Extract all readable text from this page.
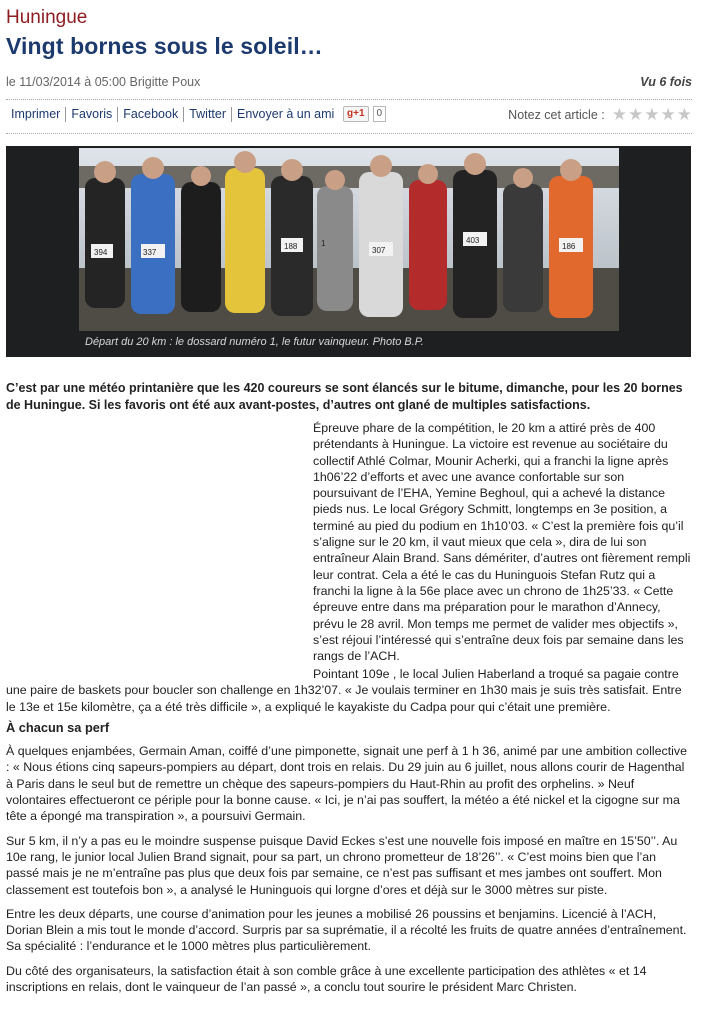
Huningue
Vingt bornes sous le soleil…
le 11/03/2014 à 05:00 Brigitte Poux	Vu 6 fois
Imprimer Favoris Facebook Twitter Envoyer à un ami	g+1	0	Notez cet article : ★ ★ ★ ★ ★
394	337	307
403
186
188	1
Départ du 20 km : le dossard numéro 1, le futur vainqueur. Photo B.P.

C’est par une météo printanière que les 420 coureurs se sont élancés sur le bitume, dimanche, pour les 20 bornes de Huningue. Si les favoris ont été aux avant-postes, d’autres ont glané de multiples satisfactions.

Épreuve phare de la compétition, le 20 km a attiré près de 400 prétendants à Huningue. La victoire est revenue au sociétaire du collectif Athlé Colmar, Mounir Acherki, qui a franchi la ligne après 1h06’22 d’efforts et avec une avance confortable sur son poursuivant de l’EHA, Yemine Beghoul, qui a achevé la distance pieds nus. Le local Grégory Schmitt, longtemps en 3e position, a terminé au pied du podium en 1h10’03. « C’est la première fois qu’il s’aligne sur le 20 km, il vaut mieux que cela », dira de lui son entraîneur Alain Brand. Sans démériter, d’autres ont fièrement rempli leur contrat. Cela a été le cas du Huninguois Stefan Rutz qui a franchi la ligne à la 56e place avec un chrono de 1h25’33. « Cette épreuve entre dans ma préparation pour le marathon d’Annecy, prévu le 28 avril. Mon temps me permet de valider mes objectifs », s’est réjoui l’intéressé qui s’entraîne deux fois par semaine dans les rangs de l’ACH.

Pointant 109e , le local Julien Haberland a troqué sa pagaie contre une paire de baskets pour boucler son challenge en 1h32’07. « Je voulais terminer en 1h30 mais je suis très satisfait. Entre le 13e et 15e kilomètre, ça a été très difficile », a expliqué le kayakiste du Cadpa pour qui c’était une première.

À chacun sa perf

À quelques enjambées, Germain Aman, coiffé d’une pimponette, signait une perf à 1 h 36, animé par une ambition collective : « Nous étions cinq sapeurs-pompiers au départ, dont trois en relais. Du 29 juin au 6 juillet, nous allons courir de Hagenthal à Paris dans le seul but de remettre un chèque des sapeurs-pompiers du Haut-Rhin au profit des orphelins. » Neuf volontaires effectueront ce périple pour la bonne cause. « Ici, je n’ai pas souffert, la météo a été nickel et la cigogne sur ma tête a épongé ma transpiration », a poursuivi Germain.

Sur 5 km, il n’y a pas eu le moindre suspense puisque David Eckes s’est une nouvelle fois imposé en maître en 15’50’’. Au 10e rang, le junior local Julien Brand signait, pour sa part, un chrono prometteur de 18’26’’. « C’est moins bien que l’an passé mais je ne m’entraîne pas plus que deux fois par semaine, ce n’est pas suffisant et mes jambes ont souffert. Mon classement est toutefois bon », a analysé le Huninguois qui lorgne d’ores et déjà sur le 3000 mètres sur piste.

Entre les deux départs, une course d’animation pour les jeunes a mobilisé 26 poussins et benjamins. Licencié à l’ACH, Dorian Blein a mis tout le monde d’accord. Surpris par sa suprématie, il a récolté les fruits de quatre années d’entraînement. Sa spécialité : l’endurance et le 1000 mètres plus particulièrement.

Du côté des organisateurs, la satisfaction était à son comble grâce à une excellente participation des athlètes « et 14 inscriptions en relais, dont le vainqueur de l’an passé », a conclu tout sourire le président Marc Christen.
